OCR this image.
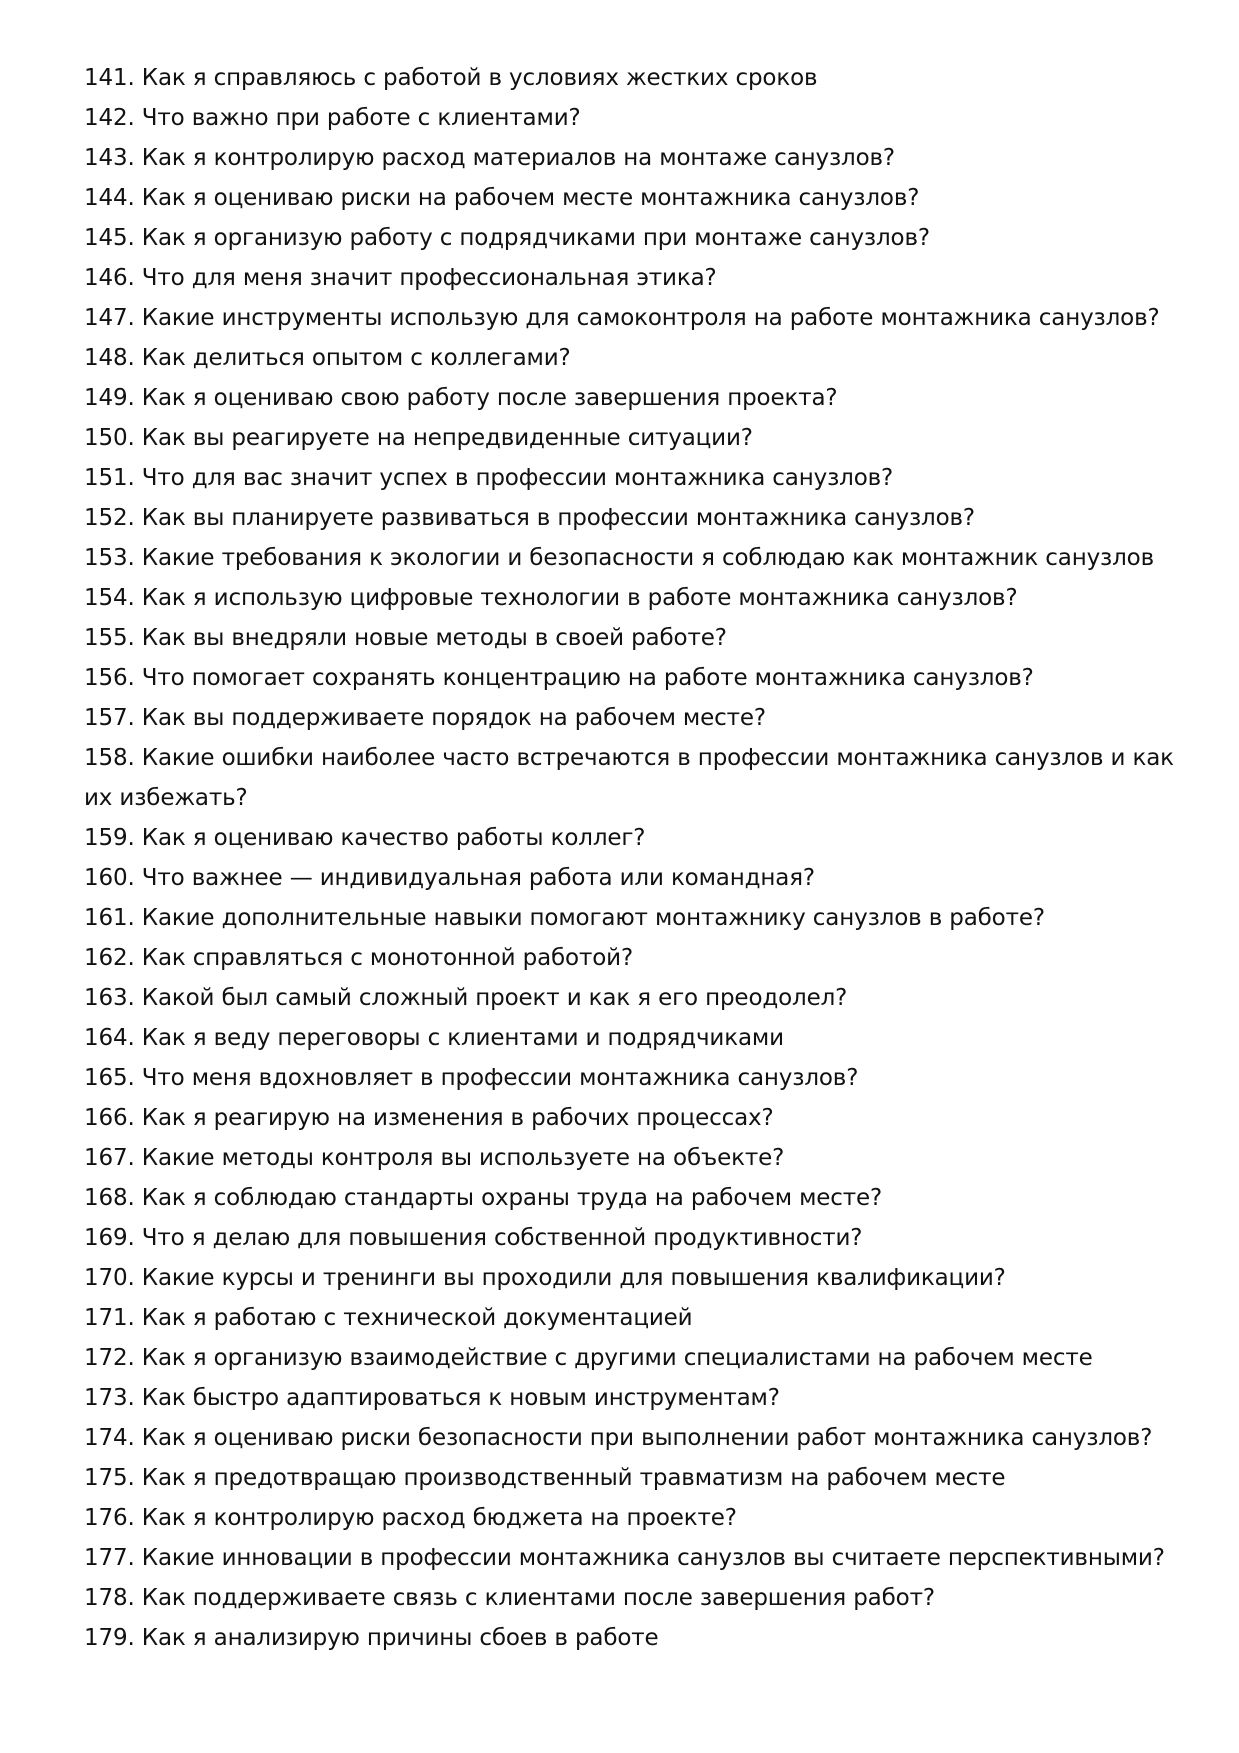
141. Как я справляюсь с работой в условиях жестких сроков
142. Что важно при работе с клиентами?
143. Как я контролирую расход материалов на монтаже санузлов?
144. Как я оцениваю риски на рабочем месте монтажника санузлов?
145. Как я организую работу с подрядчиками при монтаже санузлов?
146. Что для меня значит профессиональная этика?
147. Какие инструменты использую для самоконтроля на работе монтажника санузлов?
148. Как делиться опытом с коллегами?
149. Как я оцениваю свою работу после завершения проекта?
150. Как вы реагируете на непредвиденные ситуации?
151. Что для вас значит успех в профессии монтажника санузлов?
152. Как вы планируете развиваться в профессии монтажника санузлов?
153. Какие требования к экологии и безопасности я соблюдаю как монтажник санузлов
154. Как я использую цифровые технологии в работе монтажника санузлов?
155. Как вы внедряли новые методы в своей работе?
156. Что помогает сохранять концентрацию на работе монтажника санузлов?
157. Как вы поддерживаете порядок на рабочем месте?
158. Какие ошибки наиболее часто встречаются в профессии монтажника санузлов и как их избежать?
159. Как я оцениваю качество работы коллег?
160. Что важнее — индивидуальная работа или командная?
161. Какие дополнительные навыки помогают монтажнику санузлов в работе?
162. Как справляться с монотонной работой?
163. Какой был самый сложный проект и как я его преодолел?
164. Как я веду переговоры с клиентами и подрядчиками
165. Что меня вдохновляет в профессии монтажника санузлов?
166. Как я реагирую на изменения в рабочих процессах?
167. Какие методы контроля вы используете на объекте?
168. Как я соблюдаю стандарты охраны труда на рабочем месте?
169. Что я делаю для повышения собственной продуктивности?
170. Какие курсы и тренинги вы проходили для повышения квалификации?
171. Как я работаю с технической документацией
172. Как я организую взаимодействие с другими специалистами на рабочем месте
173. Как быстро адаптироваться к новым инструментам?
174. Как я оцениваю риски безопасности при выполнении работ монтажника санузлов?
175. Как я предотвращаю производственный травматизм на рабочем месте
176. Как я контролирую расход бюджета на проекте?
177. Какие инновации в профессии монтажника санузлов вы считаете перспективными?
178. Как поддерживаете связь с клиентами после завершения работ?
179. Как я анализирую причины сбоев в работе
